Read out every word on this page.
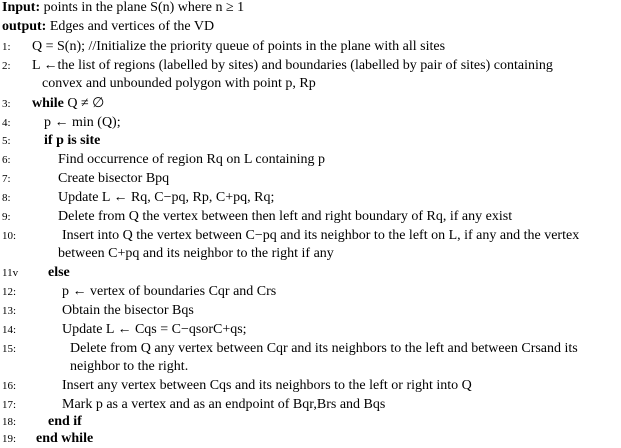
Input: points in the plane S(n) where n ≥ 1
output: Edges and vertices of the VD
1: Q = S(n); //Initialize the priority queue of points in the plane with all sites
2: L ←the list of regions (labelled by sites) and boundaries (labelled by pair of sites) containing
convex and unbounded polygon with point p, Rp
3: while Q ≠ ∅
4: p ← min (Q);
5: if p is site
6:	Find occurrence of region Rq on L containing p
7:	Create bisector Bpq
8:	Update L ← Rq, C−pq, Rp, C+pq, Rq;
9:	Delete from Q the vertex between then left and right boundary of Rq, if any exist
10:	Insert into Q the vertex between C−pq and its neighbor to the left on L, if any and the vertex
between C+pq and its neighbor to the right if any
11v else
12:	p ← vertex of boundaries Cqr and Crs
13:	Obtain the bisector Bqs
14:	Update L ← Cqs = C−qsorC+qs;
15:	Delete from Q any vertex between Cqr and its neighbors to the left and between Crsand its
neighbor to the right.
16:	Insert any vertex between Cqs and its neighbors to the left or right into Q
17:	Mark p as a vertex and as an endpoint of Bqr,Brs and Bqs
18: end if
19: end while
